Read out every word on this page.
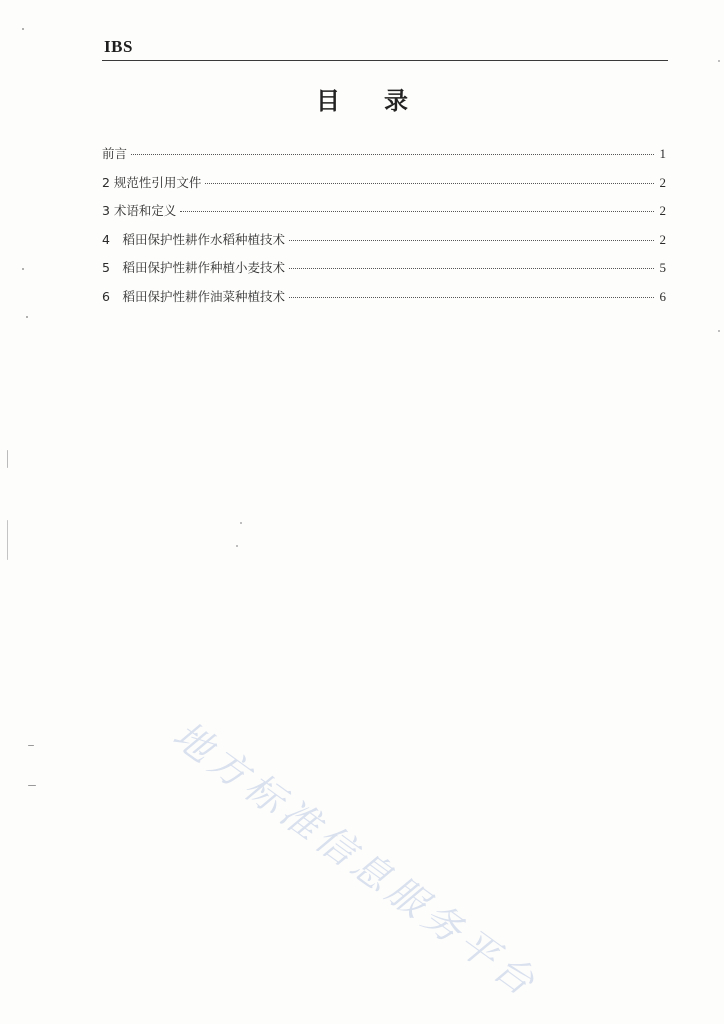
IBS
目 录
前言	1
2 规范性引用文件	2
3 术语和定义	2
4　稻田保护性耕作水稻种植技术	2
5　稻田保护性耕作种植小麦技术	5
6　稻田保护性耕作油菜种植技术	6
地方标准信息服务平台
